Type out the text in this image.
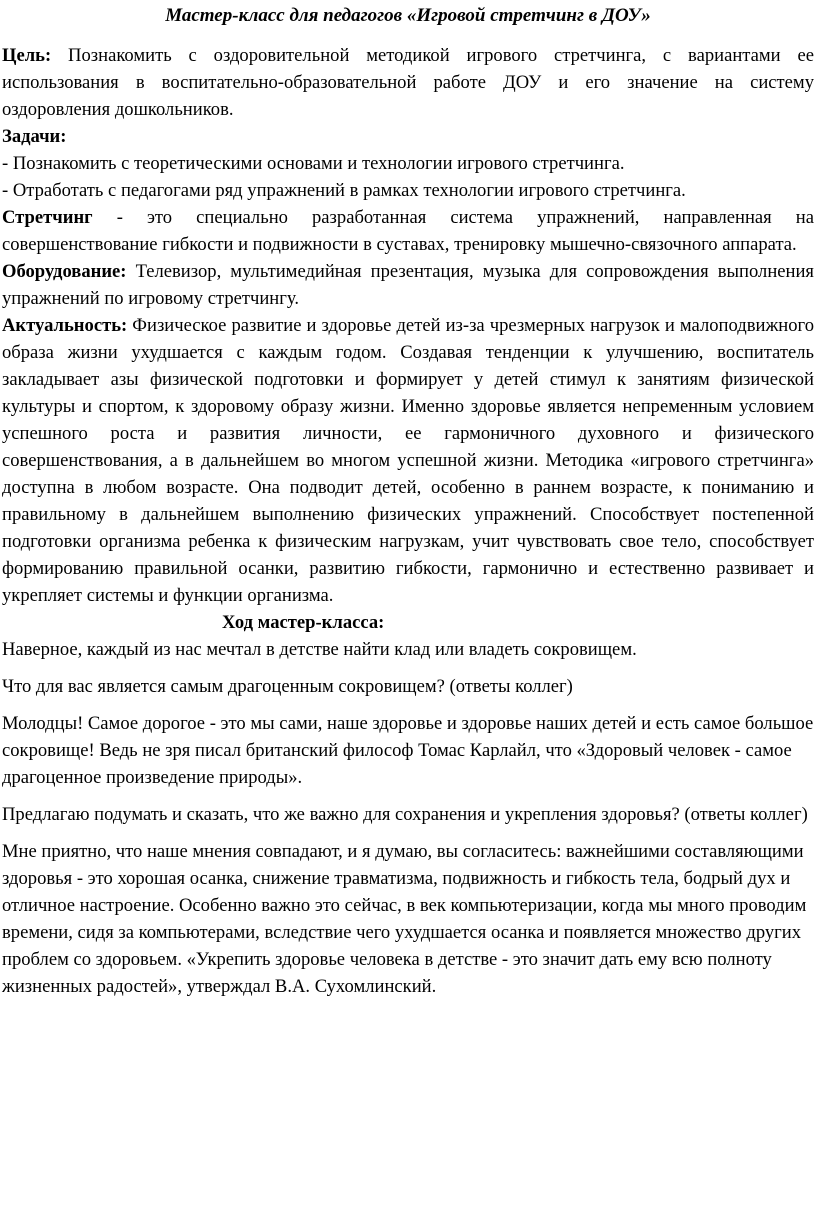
Мастер-класс для педагогов «Игровой стретчинг в ДОУ»

Цель: Познакомить с оздоровительной методикой игрового стретчинга, с вариантами ее использования в воспитательно-образовательной работе ДОУ и его значение на систему оздоровления дошкольников.

Задачи:

- Познакомить с теоретическими основами и технологии игрового стретчинга.

- Отработать с педагогами ряд упражнений в рамках технологии игрового стретчинга.

Стретчинг - это специально разработанная система упражнений, направленная на совершенствование гибкости и подвижности в суставах, тренировку мышечно-связочного аппарата.

Оборудование: Телевизор, мультимедийная презентация, музыка для сопровождения выполнения упражнений по игровому стретчингу.

Актуальность: Физическое развитие и здоровье детей из-за чрезмерных нагрузок и малоподвижного образа жизни ухудшается с каждым годом. Создавая тенденции к улучшению, воспитатель закладывает азы физической подготовки и формирует у детей стимул к занятиям физической культуры и спортом, к здоровому образу жизни. Именно здоровье является непременным условием успешного роста и развития личности, ее гармоничного духовного и физического совершенствования, а в дальнейшем во многом успешной жизни. Методика «игрового стретчинга» доступна в любом возрасте. Она подводит детей, особенно в раннем возрасте, к пониманию и правильному в дальнейшем выполнению физических упражнений. Способствует постепенной подготовки организма ребенка к физическим нагрузкам, учит чувствовать свое тело, способствует формированию правильной осанки, развитию гибкости, гармонично и естественно развивает и укрепляет системы и функции организма.

Ход мастер-класса:

Наверное, каждый из нас мечтал в детстве найти клад или владеть сокровищем.

Что для вас является самым драгоценным сокровищем? (ответы коллег)

Молодцы! Самое дорогое - это мы сами, наше здоровье и здоровье наших детей и есть самое большое сокровище! Ведь не зря писал британский философ Томас Карлайл, что «Здоровый человек - самое драгоценное произведение природы».

Предлагаю подумать и сказать, что же важно для сохранения и укрепления здоровья? (ответы коллег)

Мне приятно, что наше мнения совпадают, и я думаю, вы согласитесь: важнейшими составляющими здоровья - это хорошая осанка, снижение травматизма, подвижность и гибкость тела, бодрый дух и отличное настроение. Особенно важно это сейчас, в век компьютеризации, когда мы много проводим времени, сидя за компьютерами, вследствие чего ухудшается осанка и появляется множество других проблем со здоровьем. «Укрепить здоровье человека в детстве - это значит дать ему всю полноту жизненных радостей», утверждал В.А. Сухомлинский.
